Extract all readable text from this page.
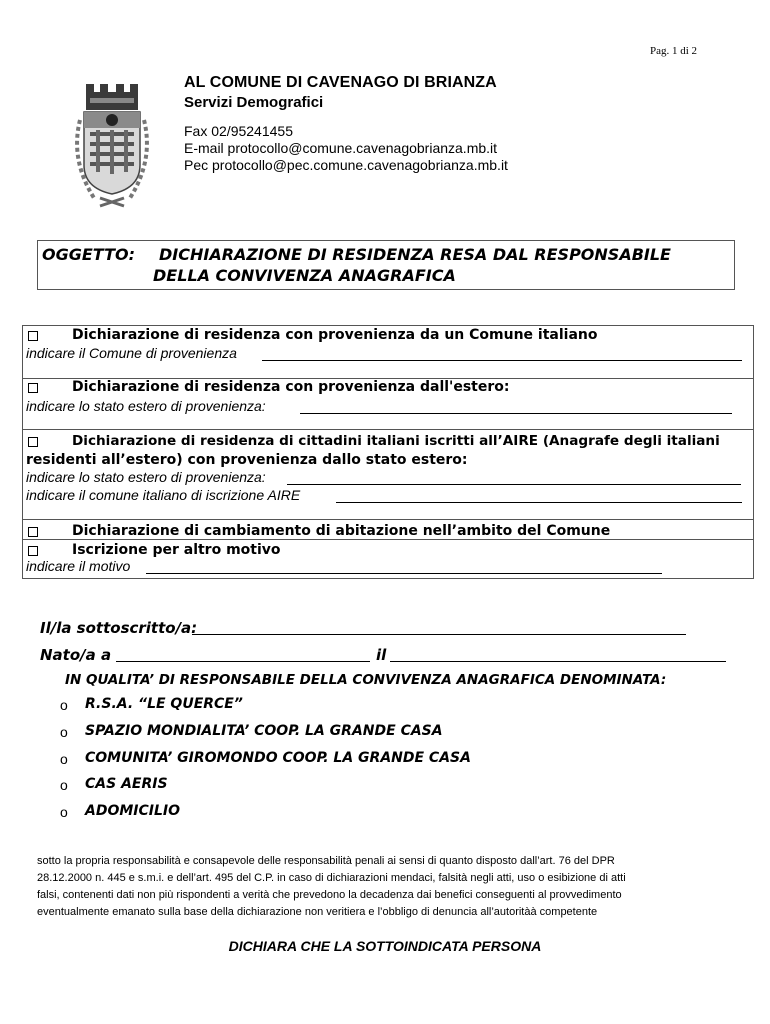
Pag. 1 di 2
AL COMUNE DI CAVENAGO DI BRIANZA
Servizi Demografici
Fax 02/95241455
E-mail protocollo@comune.cavenagobrianza.mb.it
Pec protocollo@pec.comune.cavenagobrianza.mb.it
OGGETTO: DICHIARAZIONE DI RESIDENZA RESA DAL RESPONSABILE
DELLA CONVIVENZA ANAGRAFICA
Dichiarazione di residenza con provenienza da un Comune italiano
indicare il Comune di provenienza
Dichiarazione di residenza con provenienza dall'estero:
indicare lo stato estero di provenienza:
Dichiarazione di residenza di cittadini italiani iscritti all’AIRE (Anagrafe degli italiani
residenti all’estero) con provenienza dallo stato estero:
indicare lo stato estero di provenienza:
indicare il comune italiano di iscrizione AIRE
Dichiarazione di cambiamento di abitazione nell’ambito del Comune
Iscrizione per altro motivo
indicare il motivo
Il/la sottoscritto/a:
Nato/a a	il
IN QUALITA’ DI RESPONSABILE DELLA CONVIVENZA ANAGRAFICA DENOMINATA:
o R.S.A. “LE QUERCE”
o SPAZIO MONDIALITA’ COOP. LA GRANDE CASA
o COMUNITA’ GIROMONDO COOP. LA GRANDE CASA
o CAS AERIS
o ADOMICILIO
sotto la propria responsabilità e consapevole delle responsabilità penali ai sensi di quanto disposto dall’art. 76 del DPR
28.12.2000 n. 445 e s.m.i. e dell’art. 495 del C.P. in caso di dichiarazioni mendaci, falsità negli atti, uso o esibizione di atti
falsi, contenenti dati non più rispondenti a verità che prevedono la decadenza dai benefici conseguenti al provvedimento
eventualmente emanato sulla base della dichiarazione non veritiera e l’obbligo di denuncia all’autoritàà competente
DICHIARA CHE LA SOTTOINDICATA PERSONA
